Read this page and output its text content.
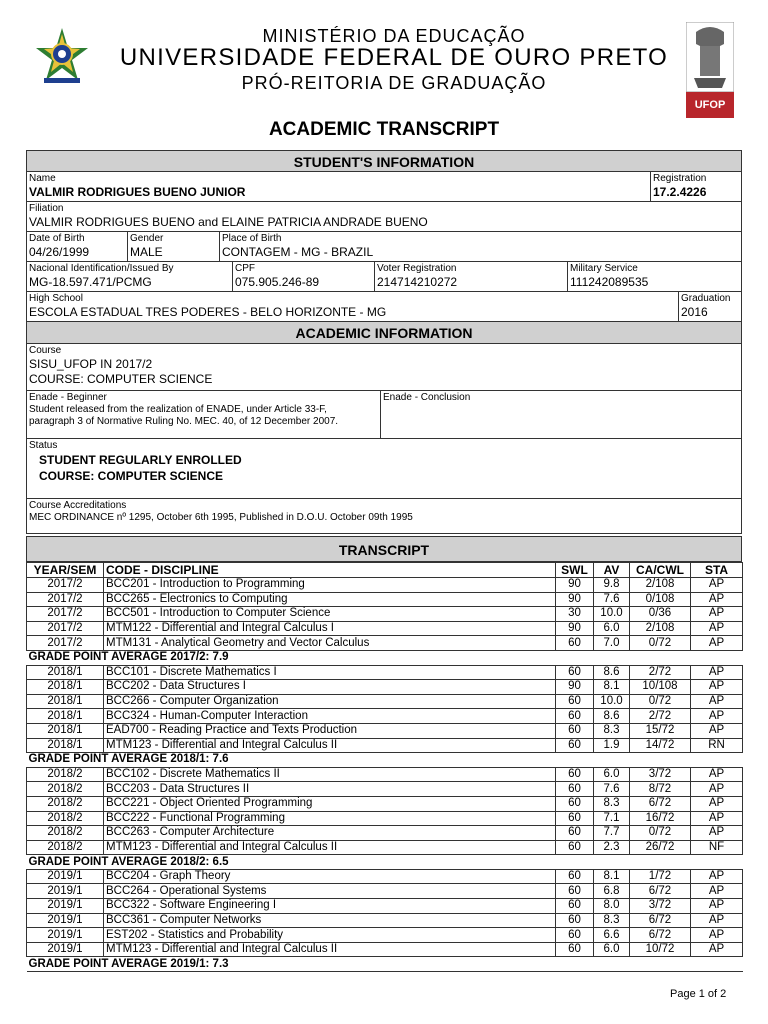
MINISTÉRIO DA EDUCAÇÃO
UNIVERSIDADE FEDERAL DE OURO PRETO
PRÓ-REITORIA DE GRADUAÇÃO
UFOP
ACADEMIC TRANSCRIPT
STUDENT'S INFORMATION
Name
VALMIR RODRIGUES BUENO JUNIOR
Registration
17.2.4226
Filiation
VALMIR RODRIGUES BUENO and ELAINE PATRICIA ANDRADE BUENO
Date of Birth
04/26/1999
Gender
MALE
Place of Birth
CONTAGEM - MG - BRAZIL
Nacional Identification/Issued By
MG-18.597.471/PCMG
CPF
075.905.246-89
Voter Registration
214714210272
Military Service
111242089535
High School
ESCOLA ESTADUAL TRES PODERES - BELO HORIZONTE - MG
Graduation
2016
ACADEMIC INFORMATION
Course
SISU_UFOP IN 2017/2
COURSE: COMPUTER SCIENCE
Enade - Beginner
Student released from the realization of ENADE, under Article 33-F,
paragraph 3 of Normative Ruling No. MEC. 40, of 12 December 2007.
Enade - Conclusion
Status
STUDENT REGULARLY ENROLLED
COURSE: COMPUTER SCIENCE
Course Accreditations
MEC ORDINANCE nº 1295, October 6th 1995, Published in D.O.U. October 09th 1995
TRANSCRIPT
YEAR/SEM	CODE - DISCIPLINE	SWL	AV	CA/CWL	STA
2017/2	BCC201 - Introduction to Programming	90	9.8	2/108	AP
2017/2	BCC265 - Electronics to Computing	90	7.6	0/108	AP
2017/2	BCC501 - Introduction to Computer Science	30	10.0	0/36	AP
2017/2	MTM122 - Differential and Integral Calculus I	90	6.0	2/108	AP
2017/2	MTM131 - Analytical Geometry and Vector Calculus	60	7.0	0/72	AP
GRADE POINT AVERAGE 2017/2: 7.9					
2018/1	BCC101 - Discrete Mathematics I	60	8.6	2/72	AP
2018/1	BCC202 - Data Structures I	90	8.1	10/108	AP
2018/1	BCC266 - Computer Organization	60	10.0	0/72	AP
2018/1	BCC324 - Human-Computer Interaction	60	8.6	2/72	AP
2018/1	EAD700 - Reading Practice and Texts Production	60	8.3	15/72	AP
2018/1	MTM123 - Differential and Integral Calculus II	60	1.9	14/72	RN
GRADE POINT AVERAGE 2018/1: 7.6					
2018/2	BCC102 - Discrete Mathematics II	60	6.0	3/72	AP
2018/2	BCC203 - Data Structures II	60	7.6	8/72	AP
2018/2	BCC221 - Object Oriented Programming	60	8.3	6/72	AP
2018/2	BCC222 - Functional Programming	60	7.1	16/72	AP
2018/2	BCC263 - Computer Architecture	60	7.7	0/72	AP
2018/2	MTM123 - Differential and Integral Calculus II	60	2.3	26/72	NF
GRADE POINT AVERAGE 2018/2: 6.5					
2019/1	BCC204 - Graph Theory	60	8.1	1/72	AP
2019/1	BCC264 - Operational Systems	60	6.8	6/72	AP
2019/1	BCC322 - Software Engineering I	60	8.0	3/72	AP
2019/1	BCC361 - Computer Networks	60	8.3	6/72	AP
2019/1	EST202 - Statistics and Probability	60	6.6	6/72	AP
2019/1	MTM123 - Differential and Integral Calculus II	60	6.0	10/72	AP
GRADE POINT AVERAGE 2019/1: 7.3					
Page 1 of 2
